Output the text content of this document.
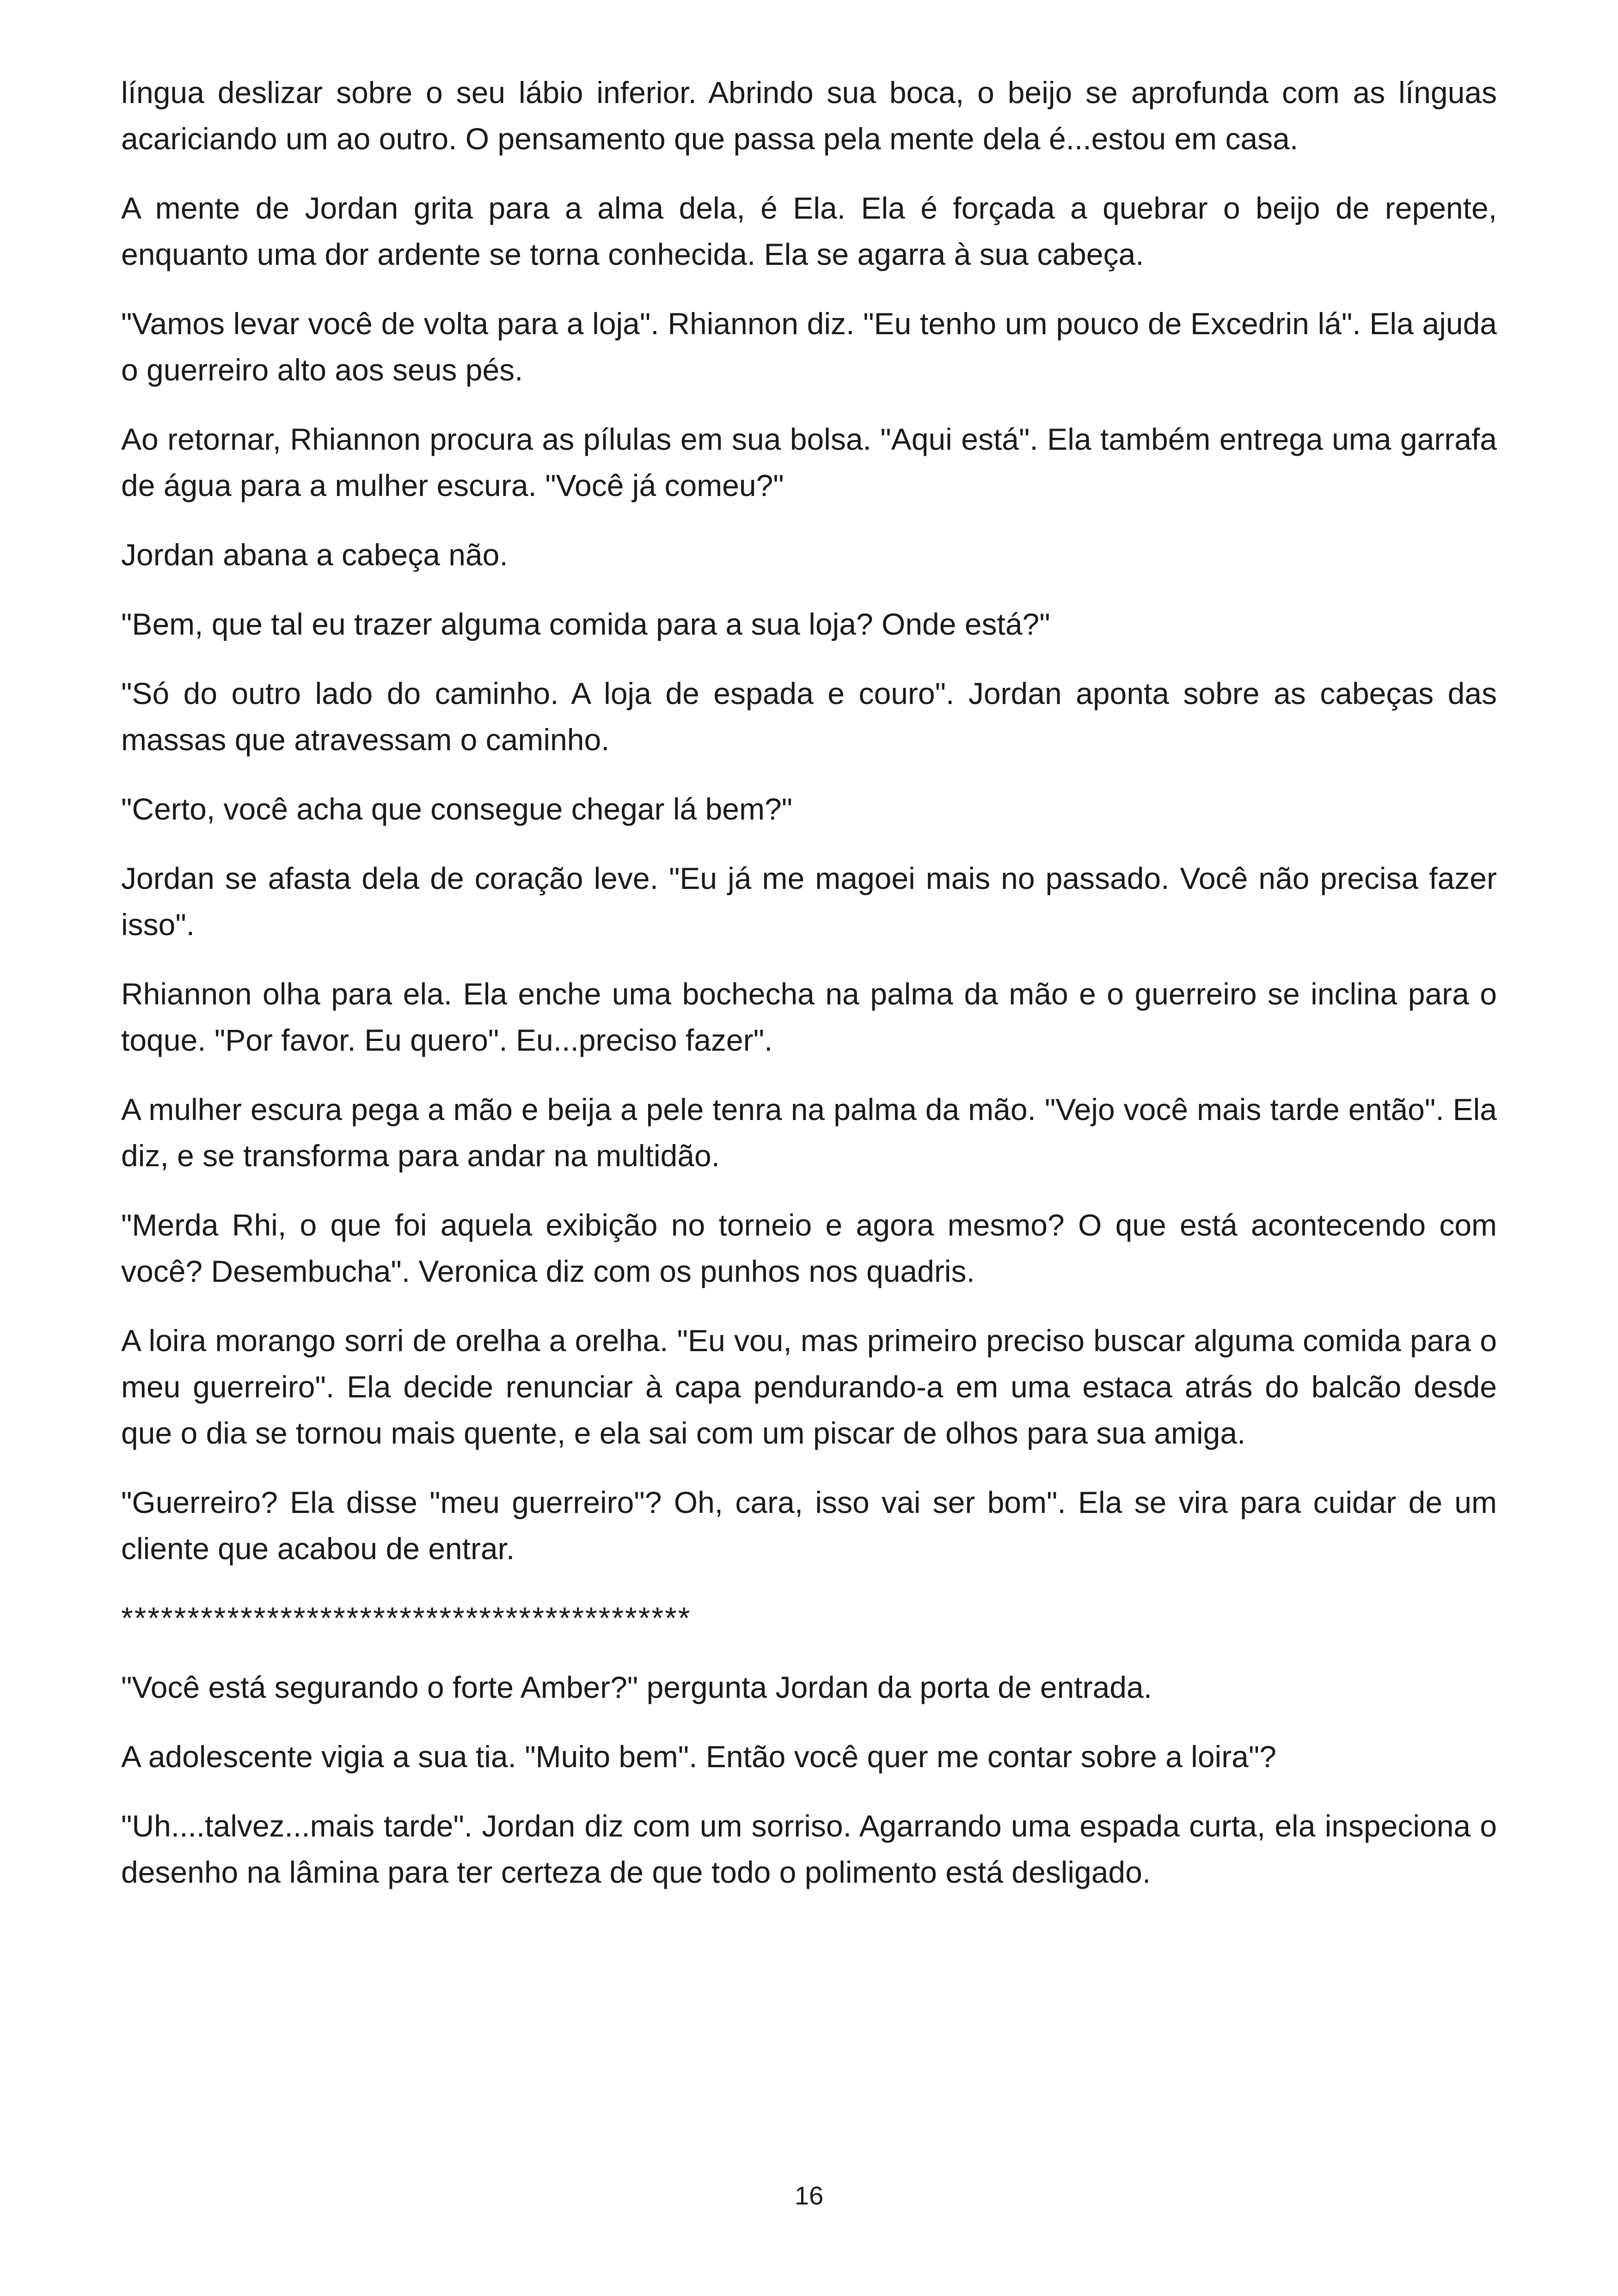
língua deslizar sobre o seu lábio inferior. Abrindo sua boca, o beijo se aprofunda com as línguas acariciando um ao outro. O pensamento que passa pela mente dela é...estou em casa.

A mente de Jordan grita para a alma dela, é Ela. Ela é forçada a quebrar o beijo de repente, enquanto uma dor ardente se torna conhecida. Ela se agarra à sua cabeça.

"Vamos levar você de volta para a loja". Rhiannon diz. "Eu tenho um pouco de Excedrin lá". Ela ajuda o guerreiro alto aos seus pés.

Ao retornar, Rhiannon procura as pílulas em sua bolsa. "Aqui está". Ela também entrega uma garrafa de água para a mulher escura. "Você já comeu?"

Jordan abana a cabeça não.

"Bem, que tal eu trazer alguma comida para a sua loja? Onde está?"

"Só do outro lado do caminho. A loja de espada e couro". Jordan aponta sobre as cabeças das massas que atravessam o caminho.

"Certo, você acha que consegue chegar lá bem?"

Jordan se afasta dela de coração leve. "Eu já me magoei mais no passado. Você não precisa fazer isso".

Rhiannon olha para ela. Ela enche uma bochecha na palma da mão e o guerreiro se inclina para o toque. "Por favor. Eu quero". Eu...preciso fazer".

A mulher escura pega a mão e beija a pele tenra na palma da mão. "Vejo você mais tarde então". Ela diz, e se transforma para andar na multidão.

"Merda Rhi, o que foi aquela exibição no torneio e agora mesmo? O que está acontecendo com você? Desembucha". Veronica diz com os punhos nos quadris.

A loira morango sorri de orelha a orelha. "Eu vou, mas primeiro preciso buscar alguma comida para o meu guerreiro". Ela decide renunciar à capa pendurando-a em uma estaca atrás do balcão desde que o dia se tornou mais quente, e ela sai com um piscar de olhos para sua amiga.

"Guerreiro? Ela disse "meu guerreiro"? Oh, cara, isso vai ser bom". Ela se vira para cuidar de um cliente que acabou de entrar.

*******************************************

"Você está segurando o forte Amber?" pergunta Jordan da porta de entrada.

A adolescente vigia a sua tia. "Muito bem". Então você quer me contar sobre a loira"?

"Uh....talvez...mais tarde". Jordan diz com um sorriso. Agarrando uma espada curta, ela inspeciona o desenho na lâmina para ter certeza de que todo o polimento está desligado.

16
